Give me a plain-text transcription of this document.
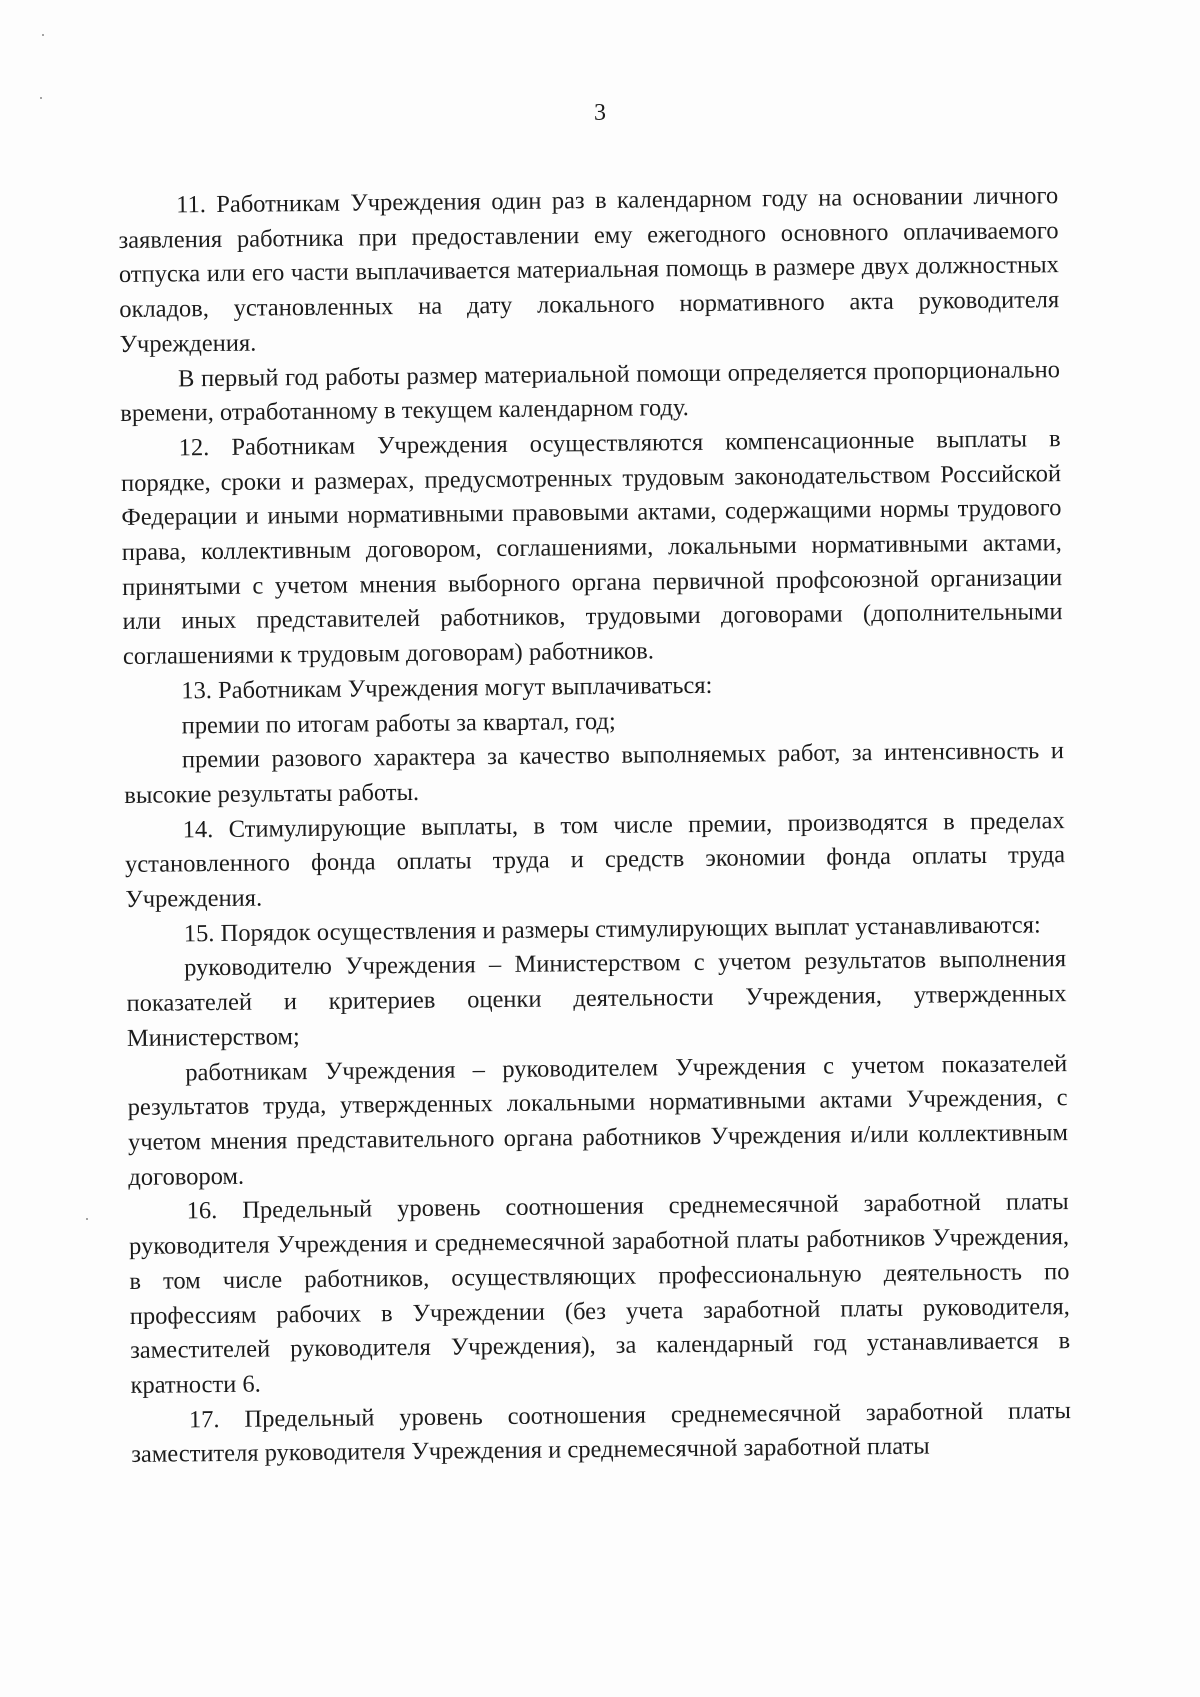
3

11. Работникам Учреждения один раз в календарном году на основании личного заявления работника при предоставлении ему ежегодного основного оплачиваемого отпуска или его части выплачивается материальная помощь в размере двух должностных окладов, установленных на дату локального нормативного акта руководителя Учреждения.

В первый год работы размер материальной помощи определяется пропорционально времени, отработанному в текущем календарном году.

12. Работникам Учреждения осуществляются компенсационные выплаты в порядке, сроки и размерах, предусмотренных трудовым законодательством Российской Федерации и иными нормативными правовыми актами, содержащими нормы трудового права, коллективным договором, соглашениями, локальными нормативными актами, принятыми с учетом мнения выборного органа первичной профсоюзной организации или иных представителей работников, трудовыми договорами (дополнительными соглашениями к трудовым договорам) работников.

13. Работникам Учреждения могут выплачиваться:

премии по итогам работы за квартал, год;

премии разового характера за качество выполняемых работ, за интенсивность и высокие результаты работы.

14. Стимулирующие выплаты, в том числе премии, производятся в пределах установленного фонда оплаты труда и средств экономии фонда оплаты труда Учреждения.

15. Порядок осуществления и размеры стимулирующих выплат устанавливаются:

руководителю Учреждения – Министерством с учетом результатов выполнения показателей и критериев оценки деятельности Учреждения, утвержденных Министерством;

работникам Учреждения – руководителем Учреждения с учетом показателей результатов труда, утвержденных локальными нормативными актами Учреждения, с учетом мнения представительного органа работников Учреждения и/или коллективным договором.

16. Предельный уровень соотношения среднемесячной заработной платы руководителя Учреждения и среднемесячной заработной платы работников Учреждения, в том числе работников, осуществляющих профессиональную деятельность по профессиям рабочих в Учреждении (без учета заработной платы руководителя, заместителей руководителя Учреждения), за календарный год устанавливается в кратности 6.

17. Предельный уровень соотношения среднемесячной заработной платы заместителя руководителя Учреждения и среднемесячной заработной платы
